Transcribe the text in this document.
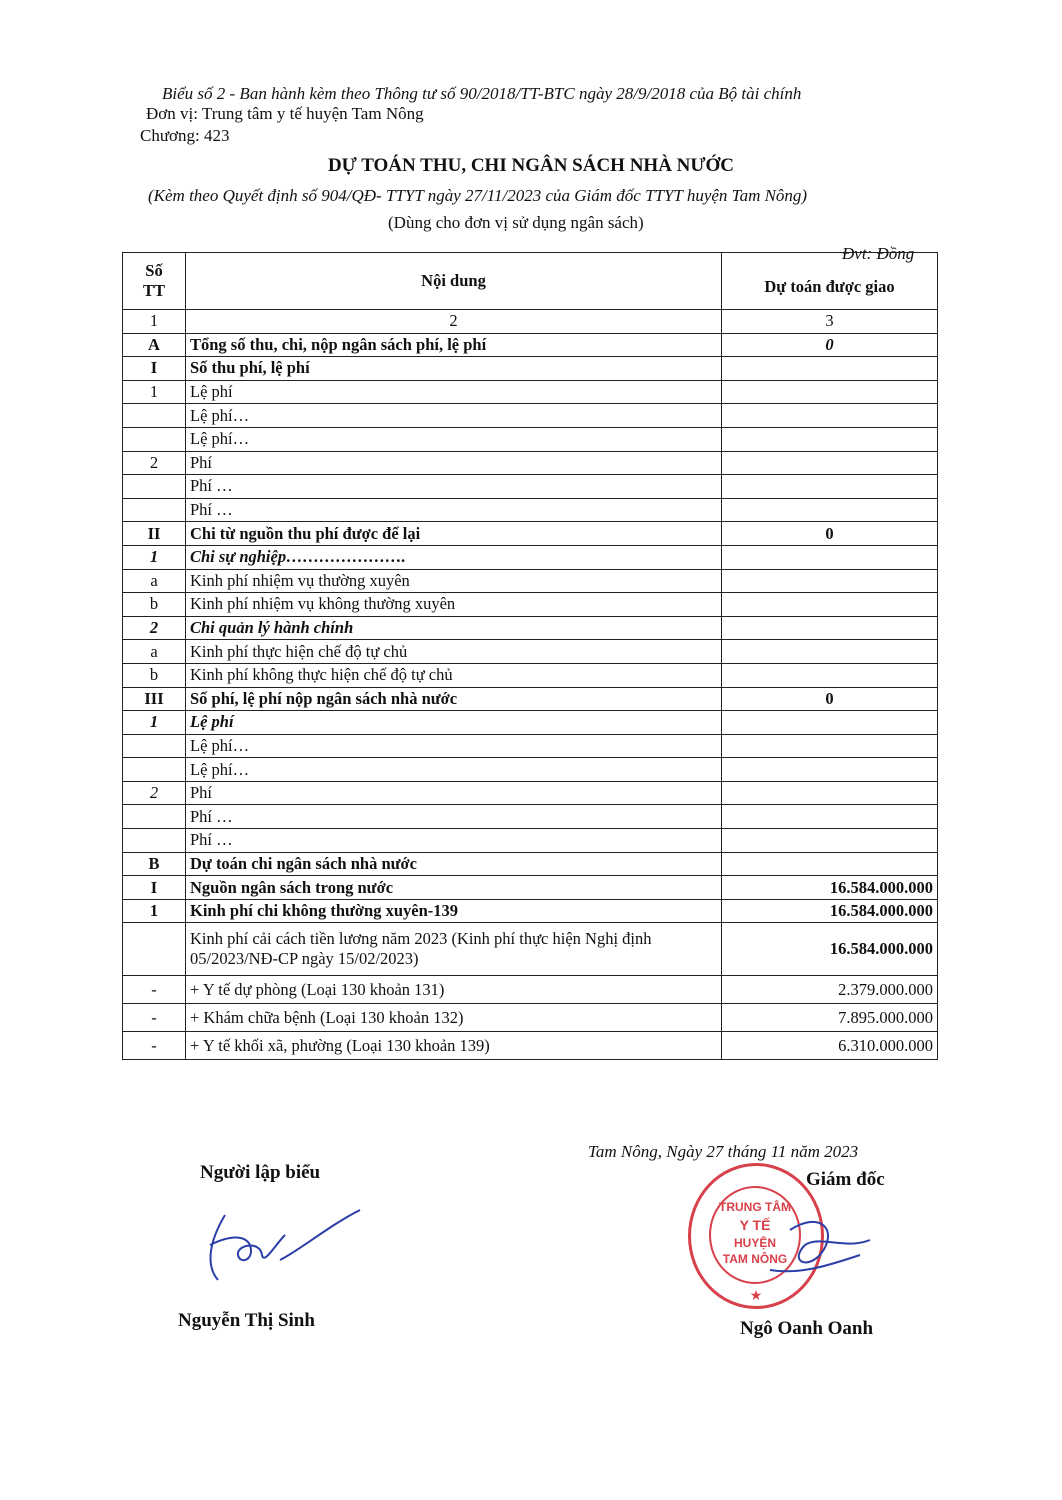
Biểu số 2 - Ban hành kèm theo Thông tư số 90/2018/TT-BTC ngày 28/9/2018 của Bộ tài chính
Đơn vị: Trung tâm y tế huyện Tam Nông
Chương: 423
DỰ TOÁN THU, CHI NGÂN SÁCH NHÀ NƯỚC
(Kèm theo Quyết định số 904/QĐ- TTYT ngày 27/11/2023 của Giám đốc TTYT huyện Tam Nông)
(Dùng cho đơn vị sử dụng ngân sách)
Đvt: Đồng
Số
TT	Nội dung	Dự toán được giao
1	2	3
A	Tổng số thu, chi, nộp ngân sách phí, lệ phí	0
I	Số thu phí, lệ phí	
1	Lệ phí	
	Lệ phí…	
	Lệ phí…	
2	Phí	
	Phí …	
	Phí …	
II	Chi từ nguồn thu phí được để lại	0
1	Chi sự nghiệp………………….	
a	Kinh phí nhiệm vụ thường xuyên	
b	Kinh phí nhiệm vụ không thường xuyên	
2	Chi quản lý hành chính	
a	Kinh phí thực hiện chế độ tự chủ	
b	Kinh phí không thực hiện chế độ tự chủ	
III	Số phí, lệ phí nộp ngân sách nhà nước	0
1	Lệ phí	
	Lệ phí…	
	Lệ phí…	
2	Phí	
	Phí …	
	Phí …	
B	Dự toán chi ngân sách nhà nước	
I	Nguồn ngân sách trong nước	16.584.000.000
1	Kinh phí chi không thường xuyên-139	16.584.000.000
	Kinh phí cải cách tiền lương năm 2023 (Kinh phí thực hiện Nghị định 05/2023/NĐ-CP ngày 15/02/2023)	16.584.000.000
-	+ Y tế dự phòng (Loại 130 khoản 131)	2.379.000.000
-	+ Khám chữa bệnh (Loại 130 khoản 132)	7.895.000.000
-	+ Y tế khối xã, phường (Loại 130 khoản 139)	6.310.000.000
Tam Nông, Ngày 27 tháng 11 năm 2023
Người lập biểu	Giám đốc
TRUNG TÂM
Y TẾ
HUYỆN
TAM NÔNG
★
Nguyễn Thị Sinh	Ngô Oanh Oanh
